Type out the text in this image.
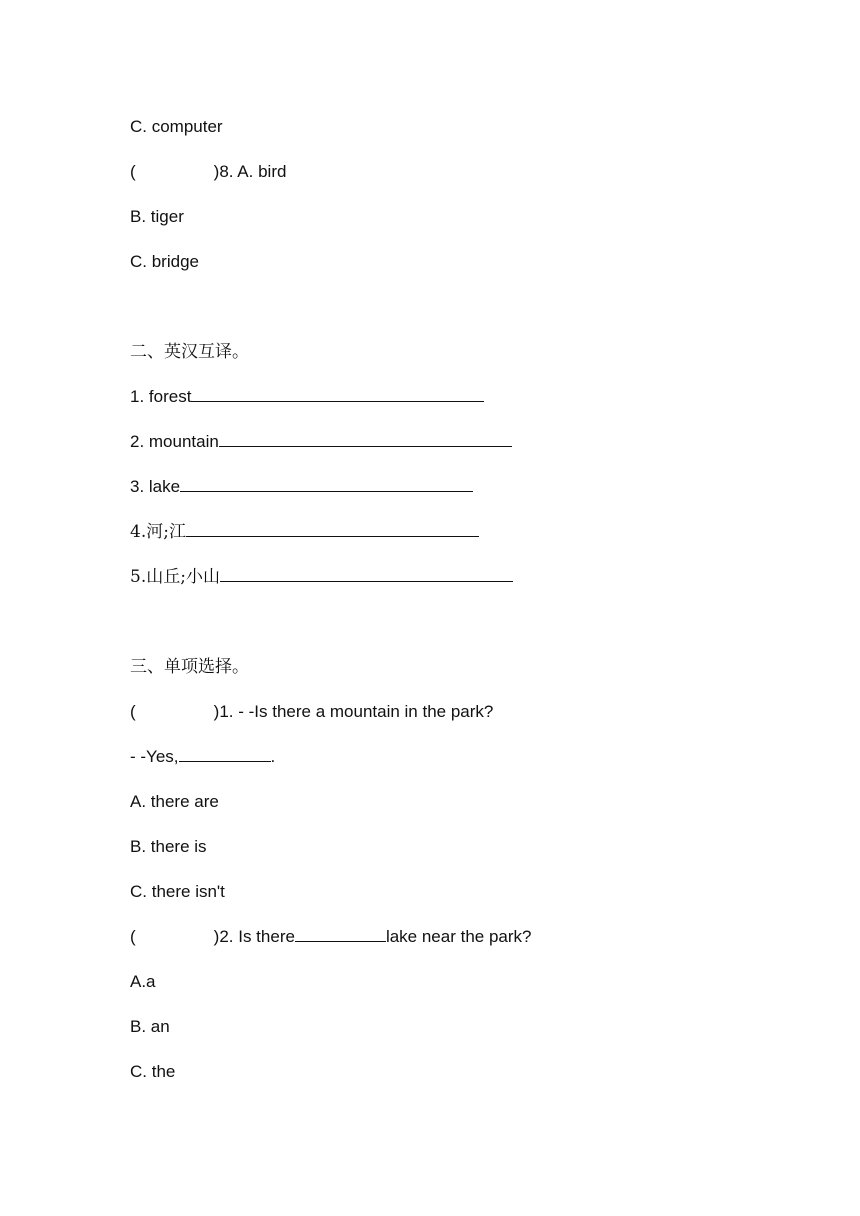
C. computer
(	)8. A. bird
B. tiger
C. bridge
二、英汉互译。
1. forest
2. mountain
3. lake
4.河;江
5.山丘;小山
三、单项选择。
(	)1. - -Is there a mountain in the park?
- -Yes,	.
A. there are
B. there is
C. there isn't
(	)2. Is there	lake near the park?
A.a
B. an
C. the
